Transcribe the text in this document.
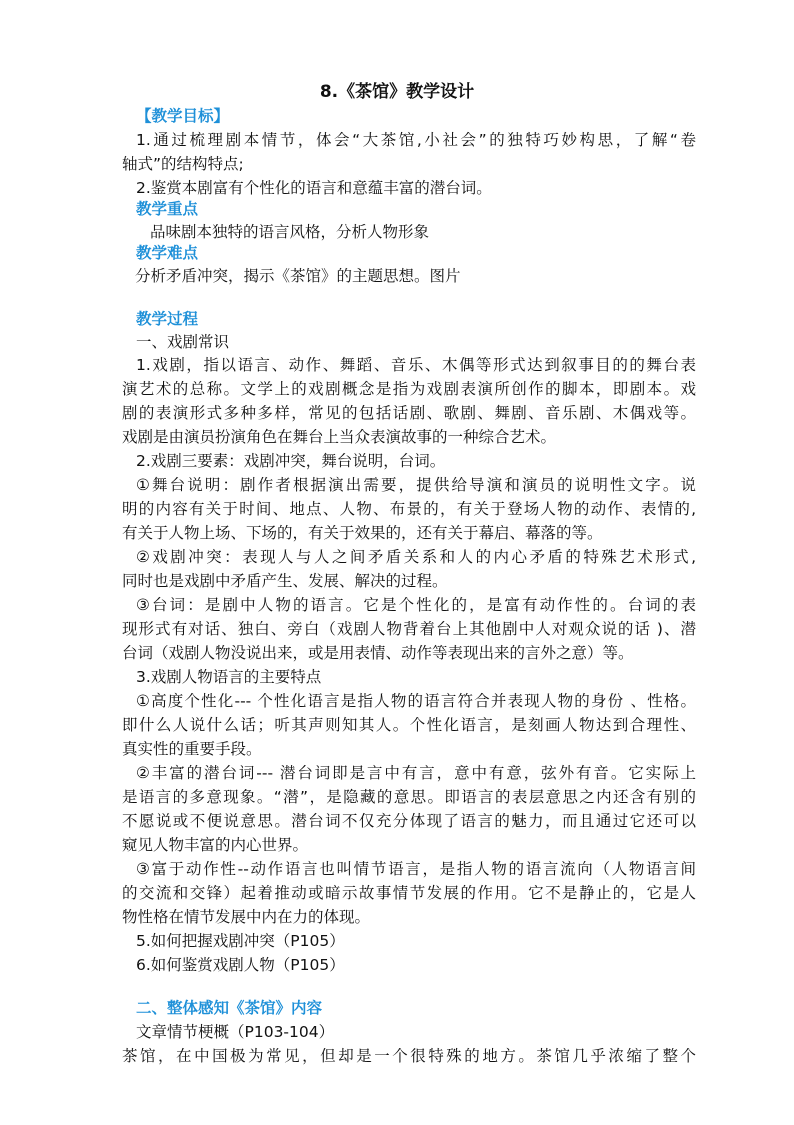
8.《茶馆》教学设计
【教学目标】
1.通过梳理剧本情节，体会“大茶馆,小社会”的独特巧妙构思，了解“卷
轴式”的结构特点;
2.鉴赏本剧富有个性化的语言和意蕴丰富的潜台词。
教学重点
品味剧本独特的语言风格，分析人物形象
教学难点
分析矛盾冲突，揭示《茶馆》的主题思想。图片
教学过程
一、戏剧常识
1.戏剧，指以语言、动作、舞蹈、音乐、木偶等形式达到叙事目的的舞台表
演艺术的总称。文学上的戏剧概念是指为戏剧表演所创作的脚本，即剧本。戏
剧的表演形式多种多样，常见的包括话剧、歌剧、舞剧、音乐剧、木偶戏等。
戏剧是由演员扮演角色在舞台上当众表演故事的一种综合艺术。
2.戏剧三要素：戏剧冲突，舞台说明，台词。
①舞台说明：剧作者根据演出需要，提供给导演和演员的说明性文字。说
明的内容有关于时间、地点、人物、布景的，有关于登场人物的动作、表情的,
有关于人物上场、下场的，有关于效果的，还有关于幕启、幕落的等。
②戏剧冲突：表现人与人之间矛盾关系和人的内心矛盾的特殊艺术形式,
同时也是戏剧中矛盾产生、发展、解决的过程。
③台词：是剧中人物的语言。它是个性化的，是富有动作性的。台词的表
现形式有对话、独白、旁白（戏剧人物背着台上其他剧中人对观众说的话 )、潜
台词（戏剧人物没说出来，或是用表情、动作等表现出来的言外之意）等。
3.戏剧人物语言的主要特点
①高度个性化--- 个性化语言是指人物的语言符合并表现人物的身份 、性格。
即什么人说什么话；听其声则知其人。个性化语言，是刻画人物达到合理性、
真实性的重要手段。
②丰富的潜台词--- 潜台词即是言中有言，意中有意，弦外有音。它实际上
是语言的多意现象。“潜”，是隐藏的意思。即语言的表层意思之内还含有别的
不愿说或不便说意思。潜台词不仅充分体现了语言的魅力，而且通过它还可以
窥见人物丰富的内心世界。
③富于动作性--动作语言也叫情节语言，是指人物的语言流向（人物语言间
的交流和交锋）起着推动或暗示故事情节发展的作用。它不是静止的，它是人
物性格在情节发展中内在力的体现。
5.如何把握戏剧冲突（P105）
6.如何鉴赏戏剧人物（P105）
二、整体感知《茶馆》内容
文章情节梗概（P103-104）
茶馆，在中国极为常见，但却是一个很特殊的地方。茶馆几乎浓缩了整个
